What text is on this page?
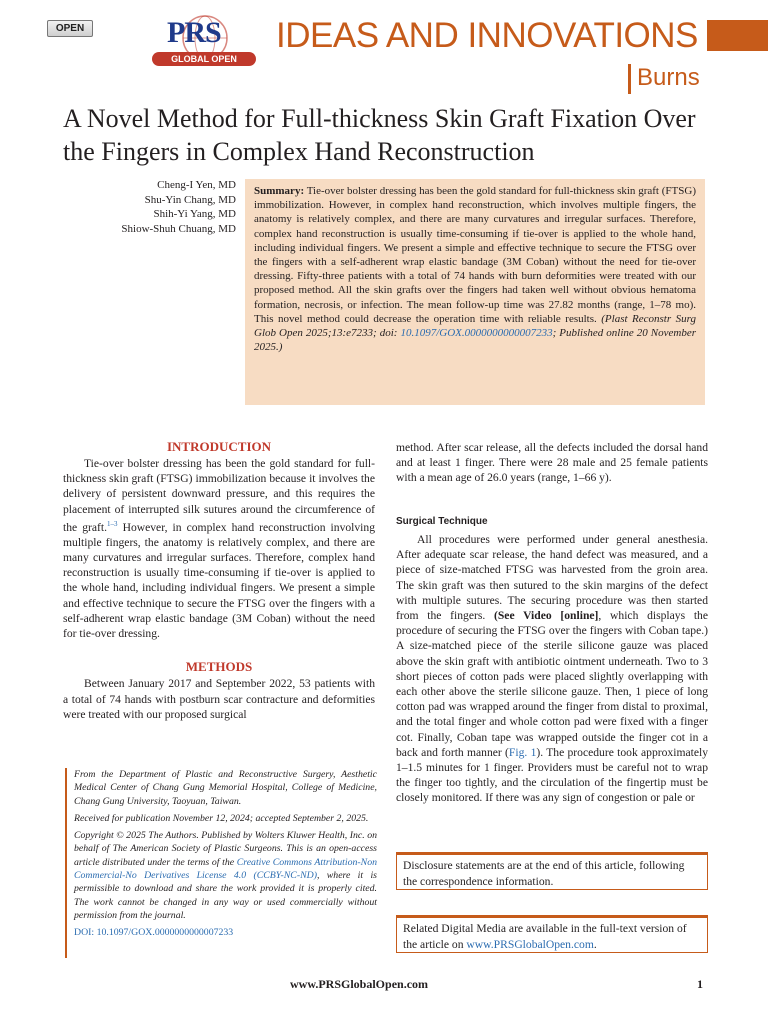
OPEN	PRS
GLOBAL OPEN
IDEAS AND INNOVATIONS
Burns
A Novel Method for Full-thickness Skin Graft Fixation Over the Fingers in Complex Hand Reconstruction
Cheng-I Yen, MD
Shu-Yin Chang, MD
Shih-Yi Yang, MD
Shiow-Shuh Chuang, MD
Summary: Tie-over bolster dressing has been the gold standard for full-thickness skin graft (FTSG) immobilization. However, in complex hand reconstruction, which involves multiple fingers, the anatomy is relatively complex, and there are many curvatures and irregular surfaces. Therefore, complex hand reconstruction is usually time-consuming if tie-over is applied to the whole hand, including individual fingers. We present a simple and effective technique to secure the FTSG over the fingers with a self-adherent wrap elastic bandage (3M Coban) without the need for tie-over dressing. Fifty-three patients with a total of 74 hands with burn deformities were treated with our proposed method. All the skin grafts over the fingers had taken well without obvious hematoma formation, necrosis, or infection. The mean follow-up time was 27.82 months (range, 1–78 mo). This novel method could decrease the operation time with reliable results. (Plast Reconstr Surg Glob Open 2025;13:e7233; doi: 10.1097/GOX.0000000000007233; Published online 20 November 2025.)
INTRODUCTION

Tie-over bolster dressing has been the gold standard for full-thickness skin graft (FTSG) immobilization because it involves the delivery of persistent downward pressure, and this requires the placement of interrupted silk sutures around the circumference of the graft.$^{1-3}$ However, in complex hand reconstruction involving multiple fingers, the anatomy is relatively complex, and there are many curvatures and irregular surfaces. Therefore, complex hand reconstruction is usually time-consuming if tie-over is applied to the whole hand, including individual fingers. We present a simple and effective technique to secure the FTSG over the fingers with a self-adherent wrap elastic bandage (3M Coban) without the need for tie-over dressing.

METHODS

Between January 2017 and September 2022, 53 patients with a total of 74 hands with postburn scar contracture and deformities were treated with our proposed surgical

method. After scar release, all the defects included the dorsal hand and at least 1 finger. There were 28 male and 25 female patients with a mean age of 26.0 years (range, 1–66 y).

Surgical Technique

All procedures were performed under general anesthesia. After adequate scar release, the hand defect was measured, and a piece of size-matched FTSG was harvested from the groin area. The skin graft was then sutured to the skin margins of the defect with multiple sutures. The securing procedure was then started from the fingers. (See Video [online], which displays the procedure of securing the FTSG over the fingers with Coban tape.) A size-matched piece of the sterile silicone gauze was placed above the skin graft with antibiotic ointment underneath. Two to 3 short pieces of cotton pads were placed slightly overlapping with each other above the sterile silicone gauze. Then, 1 piece of long cotton pad was wrapped around the finger from distal to proximal, and the total finger and whole cotton pad were fixed with a finger cot. Finally, Coban tape was wrapped outside the finger cot in a back and forth manner (Fig. 1). The procedure took approximately 1–1.5 minutes for 1 finger. Providers must be careful not to wrap the finger too tightly, and the circulation of the fingertip must be closely monitored. If there was any sign of congestion or pale or

From the Department of Plastic and Reconstructive Surgery, Aesthetic Medical Center of Chang Gung Memorial Hospital, College of Medicine, Chang Gung University, Taoyuan, Taiwan.

Received for publication November 12, 2024; accepted September 2, 2025.

Copyright © 2025 The Authors. Published by Wolters Kluwer Health, Inc. on behalf of The American Society of Plastic Surgeons. This is an open-access article distributed under the terms of the Creative Commons Attribution-Non Commercial-No Derivatives License 4.0 (CCBY-NC-ND), where it is permissible to download and share the work provided it is properly cited. The work cannot be changed in any way or used commercially without permission from the journal.

DOI: 10.1097/GOX.0000000000007233

Disclosure statements are at the end of this article, following the correspondence information.
Related Digital Media are available in the full-text version of the article on www.PRSGlobalOpen.com.
www.PRSGlobalOpen.com	1
